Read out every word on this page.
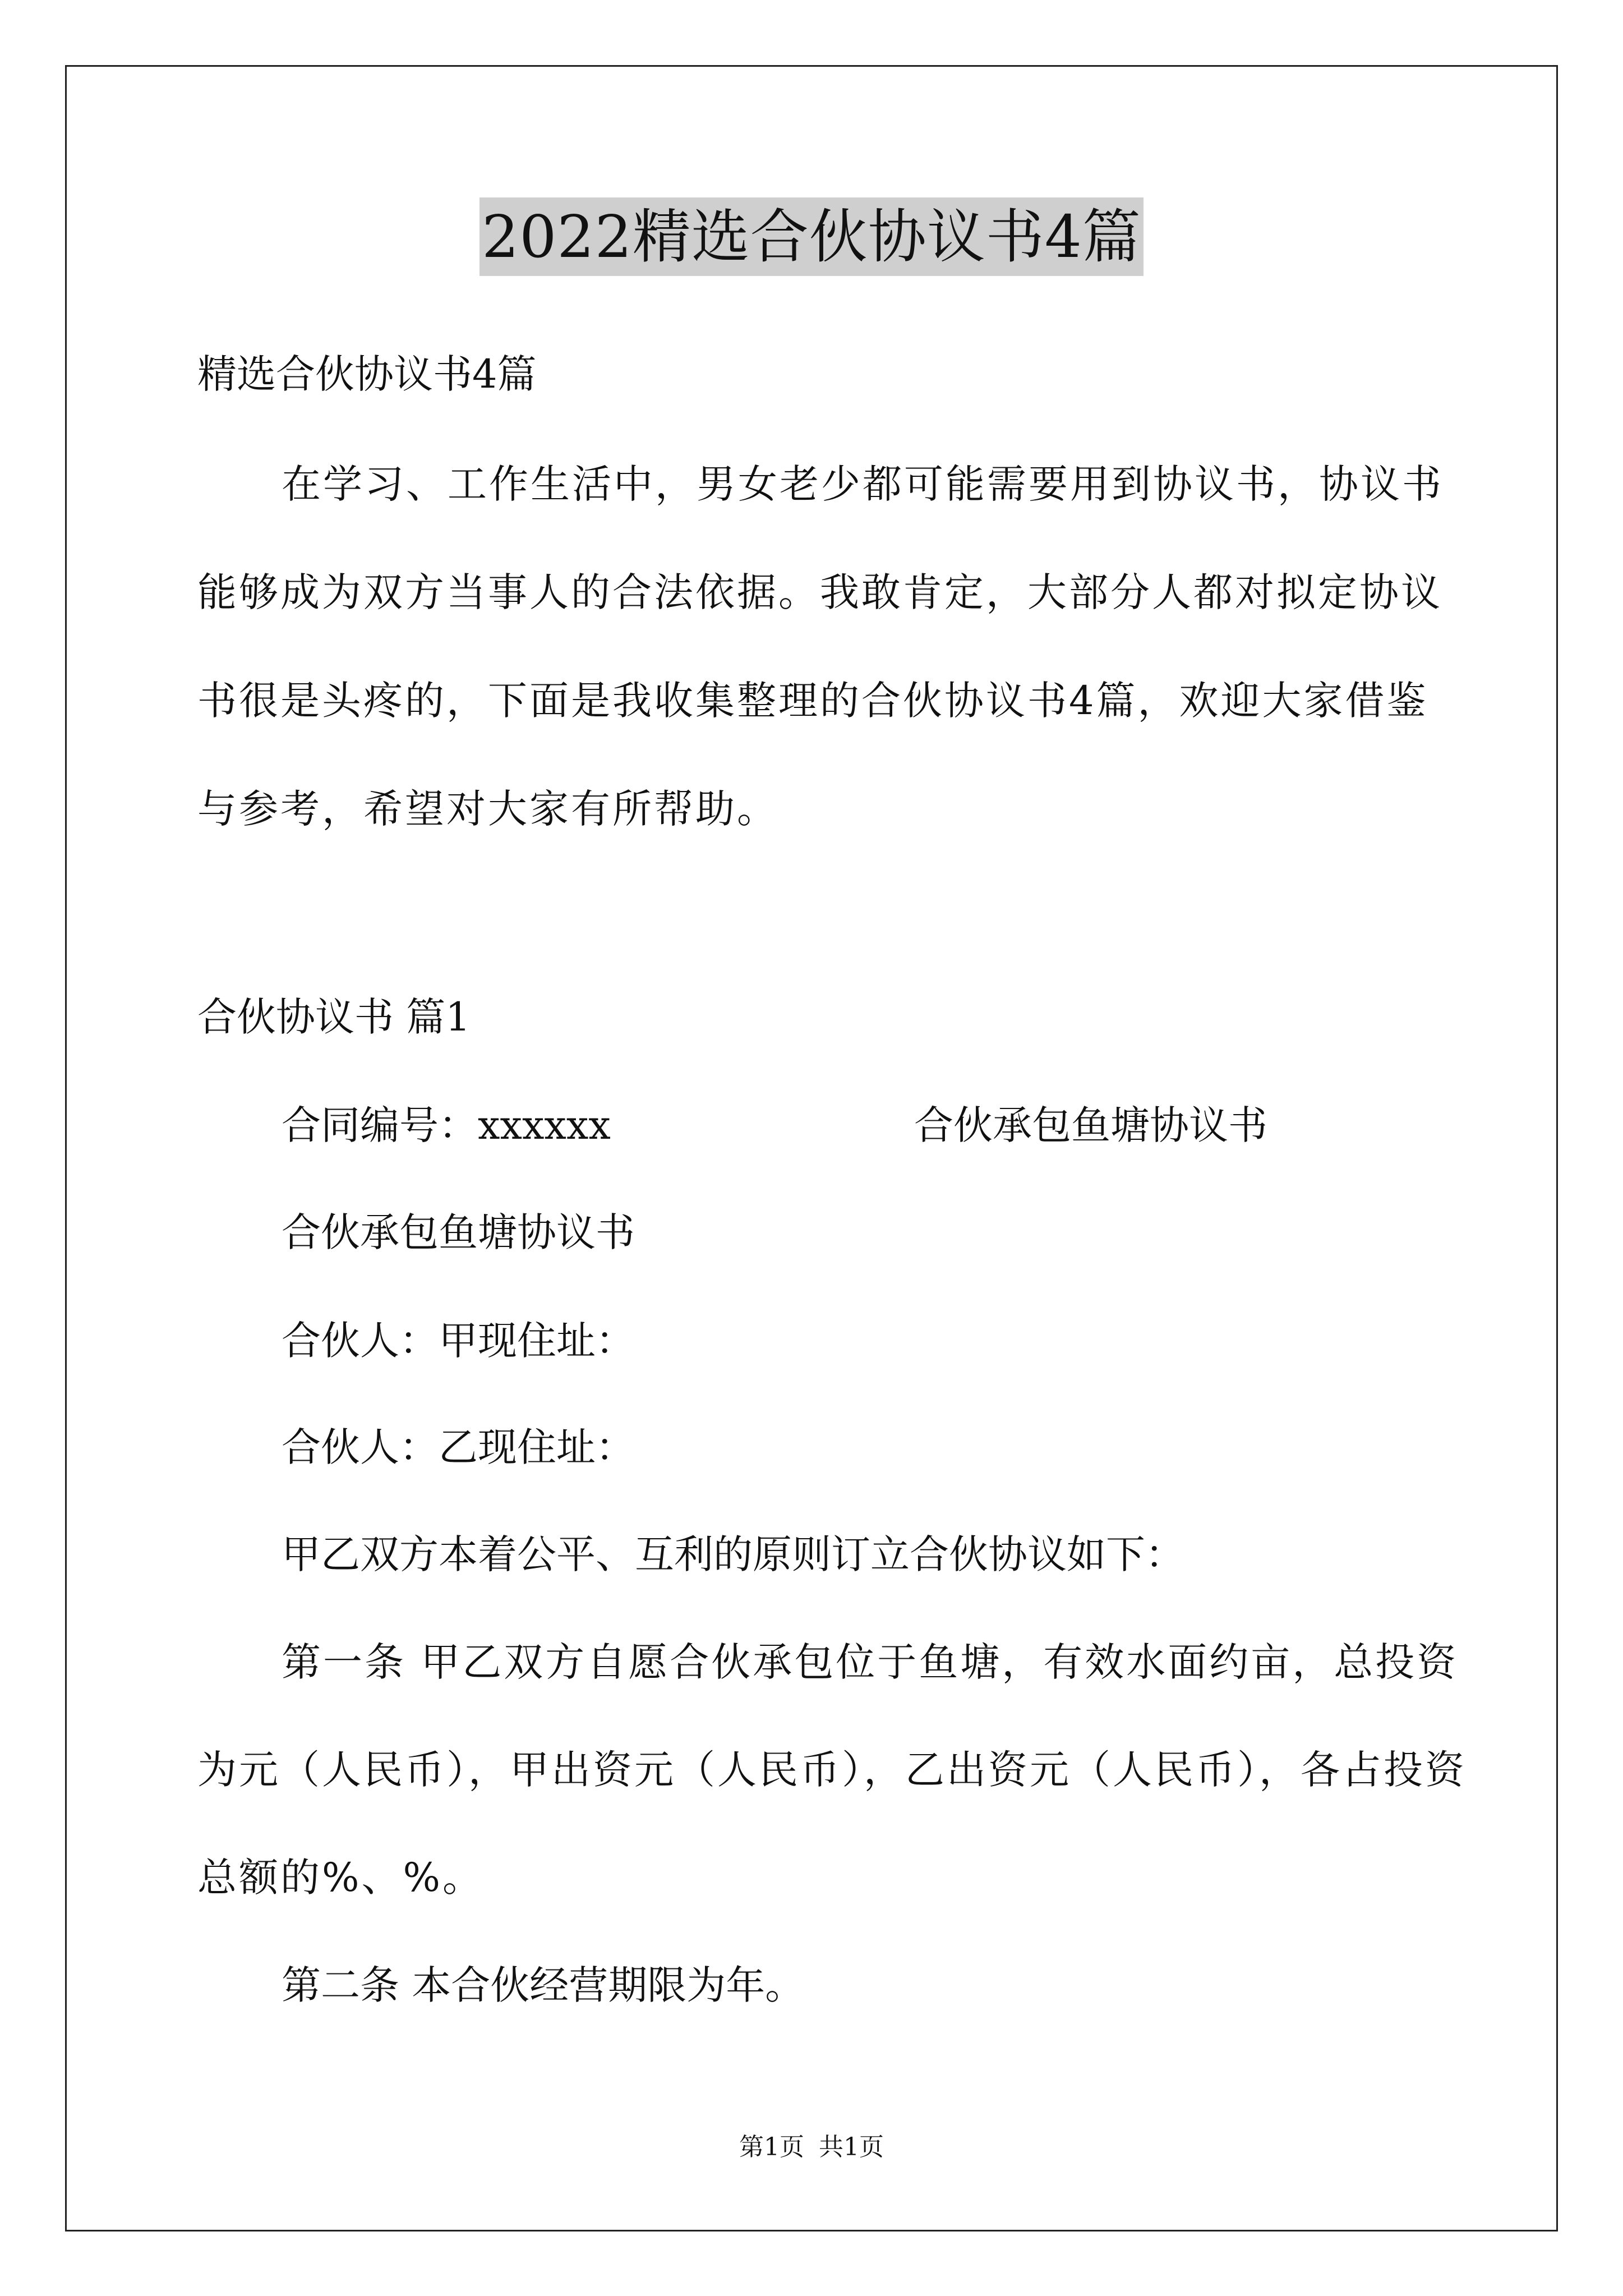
2022精选合伙协议书4篇
精选合伙协议书4篇
在学习、工作生活中，男女老少都可能需要用到协议书，协议书
能够成为双方当事人的合法依据。我敢肯定，大部分人都对拟定协议
书很是头疼的，下面是我收集整理的合伙协议书4篇，欢迎大家借鉴
与参考，希望对大家有所帮助。
合伙协议书 篇1
合同编号：xxxxxx	合伙承包鱼塘协议书
合伙承包鱼塘协议书
合伙人：甲现住址：
合伙人：乙现住址：
甲乙双方本着公平、互利的原则订立合伙协议如下：
第一条 甲乙双方自愿合伙承包位于鱼塘，有效水面约亩，总投资
为元（人民币），甲出资元（人民币），乙出资元（人民币），各占投资
总额的%、%。
第二条 本合伙经营期限为年。
第1页 共1页
